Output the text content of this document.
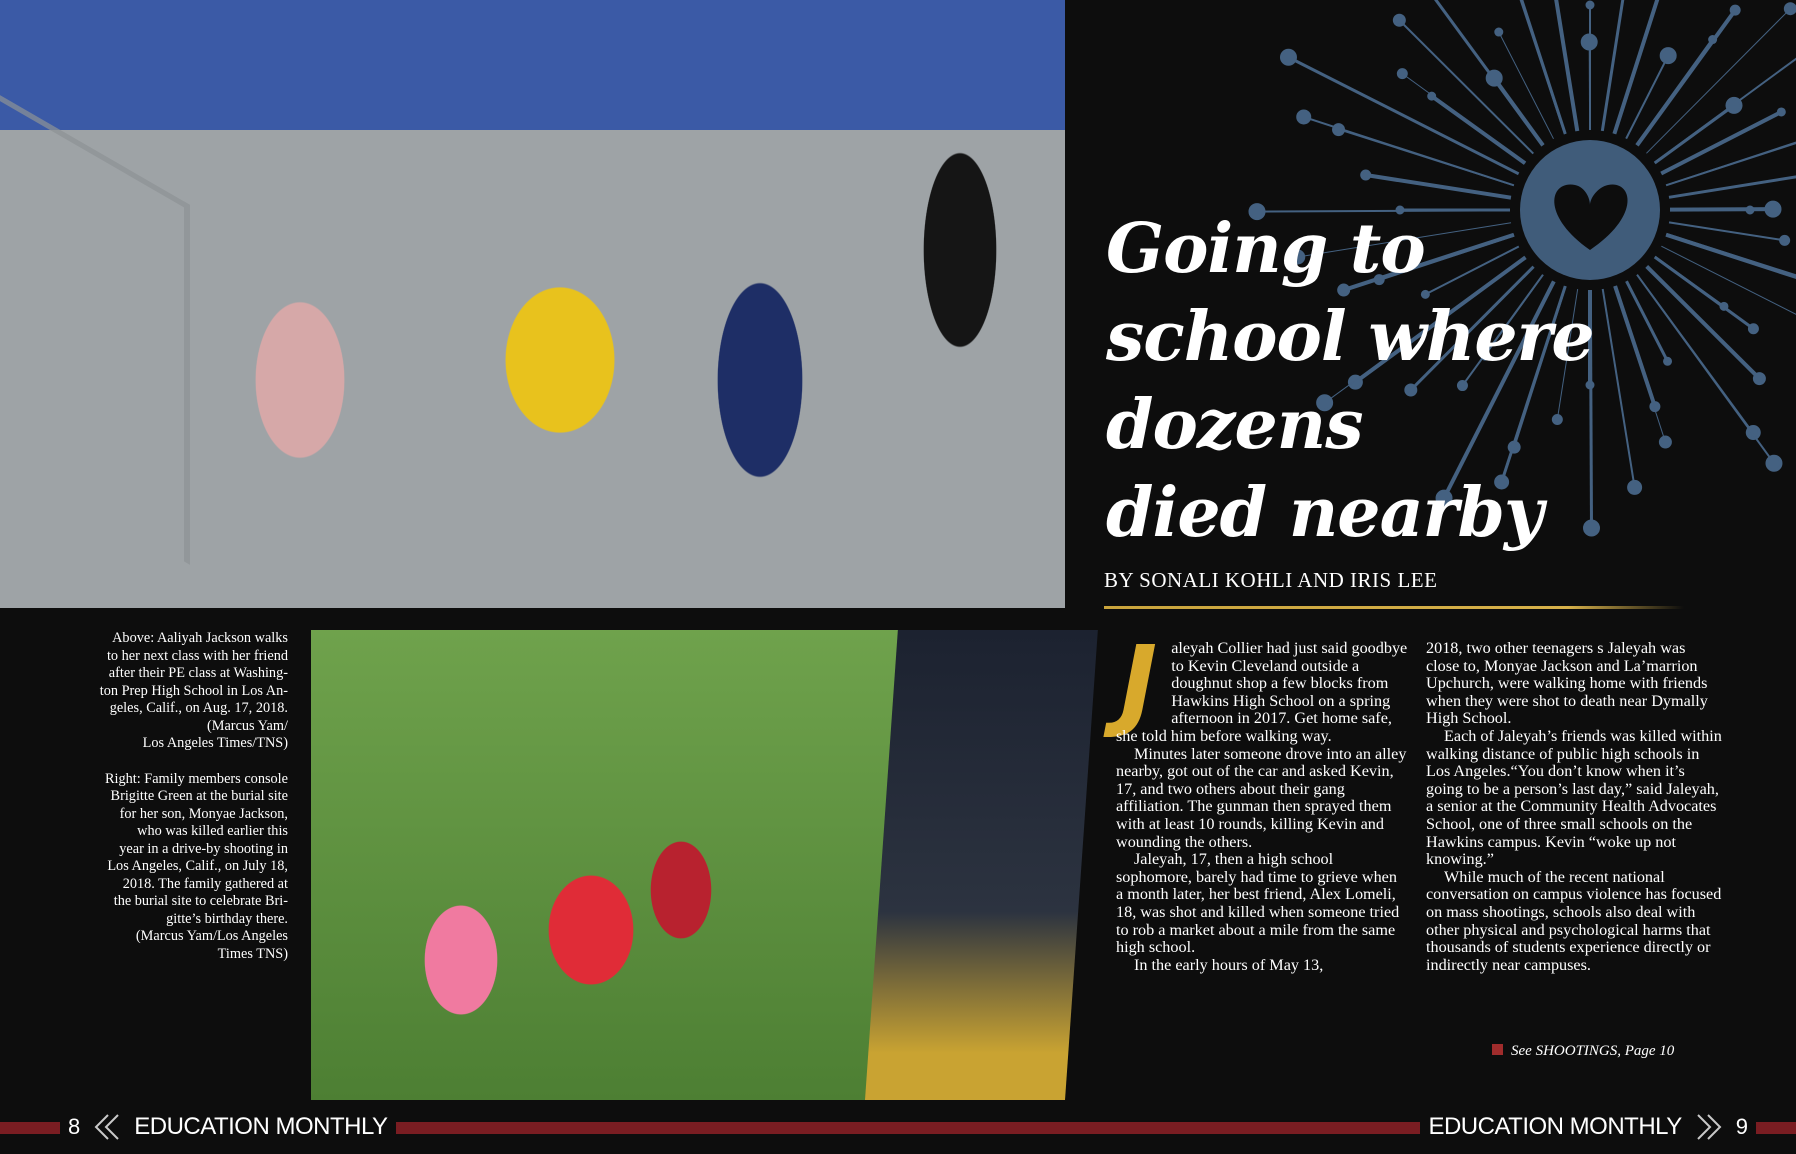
Going to
school where
dozens
died nearby
BY SONALI KOHLI AND IRIS LEE

Above: Aaliyah Jackson walks
to her next class with her friend
after their PE class at Washing-
ton Prep High School in Los An-
geles, Calif., on Aug. 17, 2018.
(Marcus Yam/
Los Angeles Times/TNS)

Right: Family members console
Brigitte Green at the burial site
for her son, Monyae Jackson,
who was killed earlier this
year in a drive-by shooting in
Los Angeles, Calif., on July 18,
2018. The family gathered at
the burial site to celebrate Bri-
gitte’s birthday there.
(Marcus Yam/Los Angeles
Times TNS)

Jaleyah Collier had just said goodbye to Kevin Cleveland outside a doughnut shop a few blocks from Hawkins High School on a spring afternoon in 2017. Get home safe, she told him before walking way.

Minutes later someone drove into an alley nearby, got out of the car and asked Kevin, 17, and two others about their gang affiliation. The gunman then sprayed them with at least 10 rounds, killing Kevin and wounding the others.

Jaleyah, 17, then a high school sophomore, barely had time to grieve when a month later, her best friend, Alex Lomeli, 18, was shot and killed when someone tried to rob a market about a mile from the same high school.

In the early hours of May 13,

2018, two other teenagers s Jaleyah was close to, Monyae Jackson and La’marrion Upchurch, were walking home with friends when they were shot to death near Dymally High School.

Each of Jaleyah’s friends was killed within walking distance of public high schools in Los Angeles.“You don’t know when it’s going to be a person’s last day,” said Jaleyah, a senior at the Community Health Advocates School, one of three small schools on the Hawkins campus. Kevin “woke up not knowing.”

While much of the recent national conversation on campus violence has focused on mass shootings, schools also deal with other physical and psychological harms that thousands of students experience directly or indirectly near campuses.

See SHOOTINGS, Page 10
8 EDUCATION MONTHLY	EDUCATION MONTHLY 9
